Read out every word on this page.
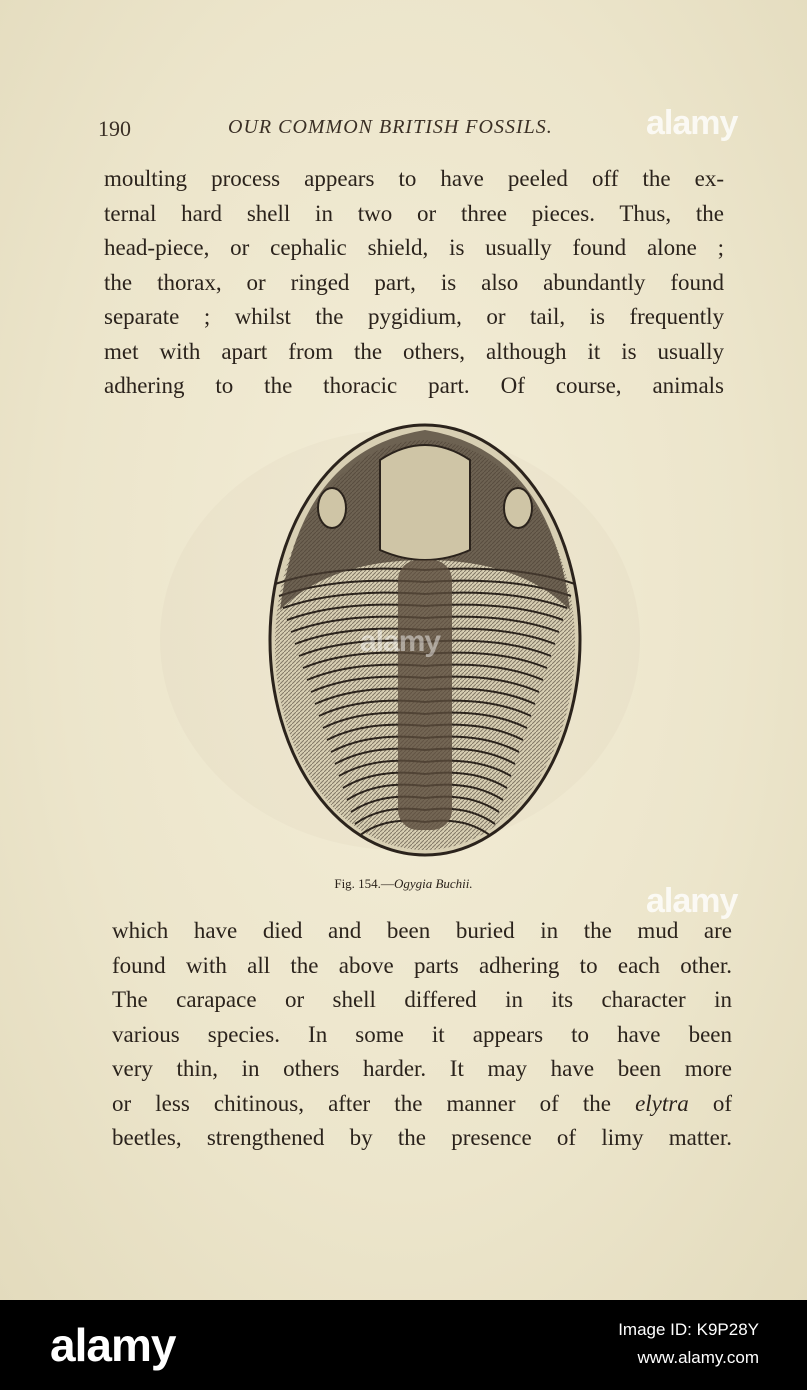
190	OUR COMMON BRITISH FOSSILS.
moulting process appears to have peeled off the ex-
ternal hard shell in two or three pieces. Thus, the
head-piece, or cephalic shield, is usually found alone ;
the thorax, or ringed part, is also abundantly found
separate ; whilst the pygidium, or tail, is frequently
met with apart from the others, although it is usually
adhering to the thoracic part. Of course, animals
Fig. 154.—Ogygia Buchii.
which have died and been buried in the mud are
found with all the above parts adhering to each other.
The carapace or shell differed in its character in
various species. In some it appears to have been
very thin, in others harder. It may have been more
or less chitinous, after the manner of the elytra of
beetles, strengthened by the presence of limy matter.
alamy
alamy
alamy
alamy	Image ID: K9P28Y
www.alamy.com
